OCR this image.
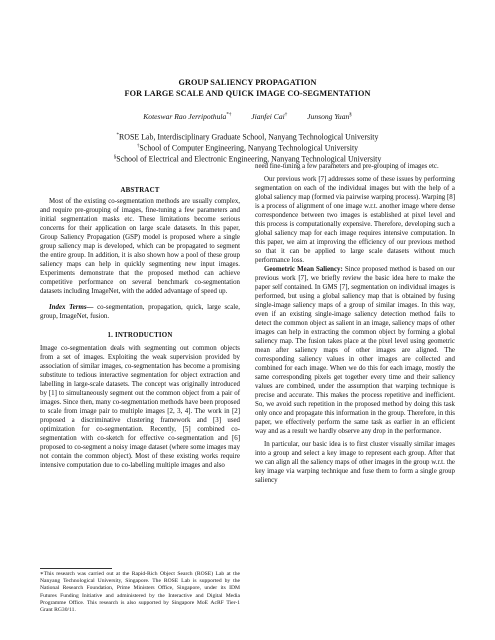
GROUP SALIENCY PROPAGATION
FOR LARGE SCALE AND QUICK IMAGE CO-SEGMENTATION
Koteswar Rao Jerripothula*†	Jianfei Cai†	Junsong Yuan§
*ROSE Lab, Interdisciplinary Graduate School, Nanyang Technological University
†School of Computer Engineering, Nanyang Technological University
§School of Electrical and Electronic Engineering, Nanyang Technological University
ABSTRACT

Most of the existing co-segmentation methods are usually complex, and require pre-grouping of images, fine-tuning a few parameters and initial segmentation masks etc. These limitations become serious concerns for their application on large scale datasets. In this paper, Group Saliency Propagation (GSP) model is proposed where a single group saliency map is developed, which can be propagated to segment the entire group. In addition, it is also shown how a pool of these group saliency maps can help in quickly segmenting new input images. Experiments demonstrate that the proposed method can achieve competitive performance on several benchmark co-segmentation datasets including ImageNet, with the added advantage of speed up.

Index Terms— co-segmentation, propagation, quick, large scale, group, ImageNet, fusion.

1. INTRODUCTION

Image co-segmentation deals with segmenting out common objects from a set of images. Exploiting the weak supervision provided by association of similar images, co-segmentation has become a promising substitute to tedious interactive segmentation for object extraction and labelling in large-scale datasets. The concept was originally introduced by [1] to simultaneously segment out the common object from a pair of images. Since then, many co-segmentation methods have been proposed to scale from image pair to multiple images [2, 3, 4]. The work in [2] proposed a discriminative clustering framework and [3] used optimization for co-segmentation. Recently, [5] combined co-segmentation with co-sketch for effective co-segmentation and [6] proposed to co-segment a noisy image dataset (where some images may not contain the common object). Most of these existing works require intensive computation due to co-labelling multiple images and also

∗This research was carried out at the Rapid-Rich Object Search (ROSE) Lab at the Nanyang Technological University, Singapore. The ROSE Lab is supported by the National Research Foundation, Prime Ministers Office, Singapore, under its IDM Futures Funding Initiative and administered by the Interactive and Digital Media Programme Office. This research is also supported by Singapore MoE AcRF Tier-1 Grant RG30/11.

need fine-tuning a few parameters and pre-grouping of images etc.

Our previous work [7] addresses some of these issues by performing segmentation on each of the individual images but with the help of a global saliency map (formed via pairwise warping process). Warping [8] is a process of alignment of one image w.r.t. another image where dense correspondence between two images is established at pixel level and this process is computationally expensive. Therefore, developing such a global saliency map for each image requires intensive computation. In this paper, we aim at improving the efficiency of our previous method so that it can be applied to large scale datasets without much performance loss.

Geometric Mean Saliency: Since proposed method is based on our previous work [7], we briefly review the basic idea here to make the paper self contained. In GMS [7], segmentation on individual images is performed, but using a global saliency map that is obtained by fusing single-image saliency maps of a group of similar images. In this way, even if an existing single-image saliency detection method fails to detect the common object as salient in an image, saliency maps of other images can help in extracting the common object by forming a global saliency map. The fusion takes place at the pixel level using geometric mean after saliency maps of other images are aligned. The corresponding saliency values in other images are collected and combined for each image. When we do this for each image, mostly the same corresponding pixels get together every time and their saliency values are combined, under the assumption that warping technique is precise and accurate. This makes the process repetitive and inefficient. So, we avoid such repetition in the proposed method by doing this task only once and propagate this information in the group. Therefore, in this paper, we effectively perform the same task as earlier in an efficient way and as a result we hardly observe any drop in the performance.

In particular, our basic idea is to first cluster visually similar images into a group and select a key image to represent each group. After that we can align all the saliency maps of other images in the group w.r.t. the key image via warping technique and fuse them to form a single group saliency
